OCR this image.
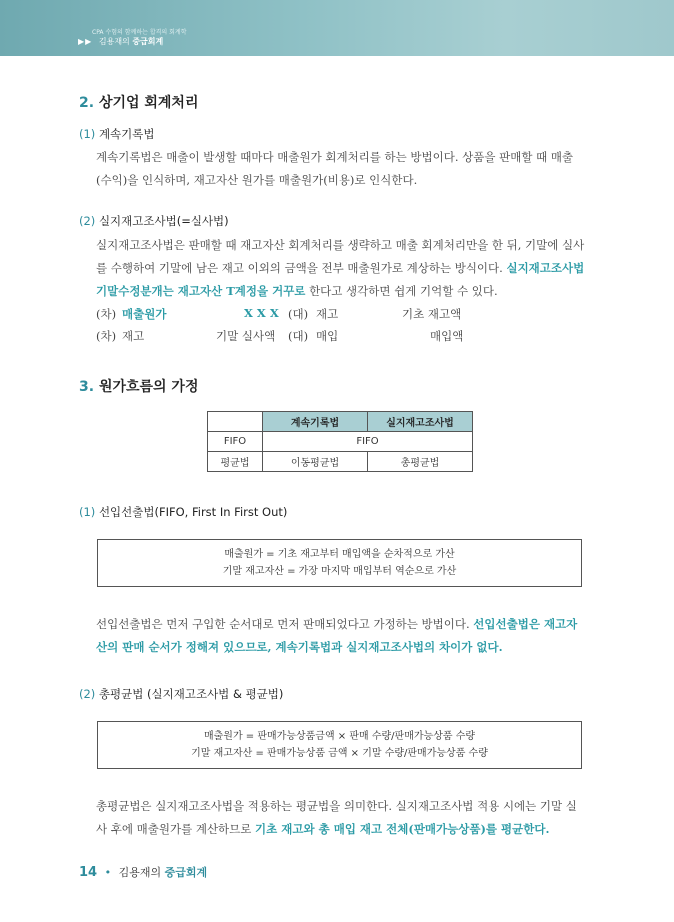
CPA 수험의 함께하는 합격의 회계학
▶▶ 김용재의 중급회계
2. 상기업 회계처리
(1) 계속기록법
계속기록법은 매출이 발생할 때마다 매출원가 회계처리를 하는 방법이다. 상품을 판매할 때 매출(수익)을 인식하며, 재고자산 원가를 매출원가(비용)로 인식한다.
(2) 실지재고조사법(=실사법)
실지재고조사법은 판매할 때 재고자산 회계처리를 생략하고 매출 회계처리만을 한 뒤, 기말에 실사를 수행하여 기말에 남은 재고 이외의 금액을 전부 매출원가로 계상하는 방식이다. 실지재고조사법 기말수정분개는 재고자산 T계정을 거꾸로 한다고 생각하면 쉽게 기억할 수 있다.
(차) 매출원가	X X X (대) 재고	기초 재고액
(차) 재고	기말 실사액 (대) 매입	매입액
3. 원가흐름의 가정
	계속기록법	실지재고조사법
FIFO	FIFO	
평균법	이동평균법	총평균법
(1) 선입선출법(FIFO, First In First Out)
매출원가 = 기초 재고부터 매입액을 순차적으로 가산
기말 재고자산 = 가장 마지막 매입부터 역순으로 가산
선입선출법은 먼저 구입한 순서대로 먼저 판매되었다고 가정하는 방법이다. 선입선출법은 재고자산의 판매 순서가 정해져 있으므로, 계속기록법과 실지재고조사법의 차이가 없다.
(2) 총평균법 (실지재고조사법 & 평균법)
매출원가 = 판매가능상품금액 × 판매 수량/판매가능상품 수량
기말 재고자산 = 판매가능상품 금액 × 기말 수량/판매가능상품 수량
총평균법은 실지재고조사법을 적용하는 평균법을 의미한다. 실지재고조사법 적용 시에는 기말 실사 후에 매출원가를 계산하므로 기초 재고와 총 매입 재고 전체(판매가능상품)를 평균한다.
14 • 김용재의 중급회계
